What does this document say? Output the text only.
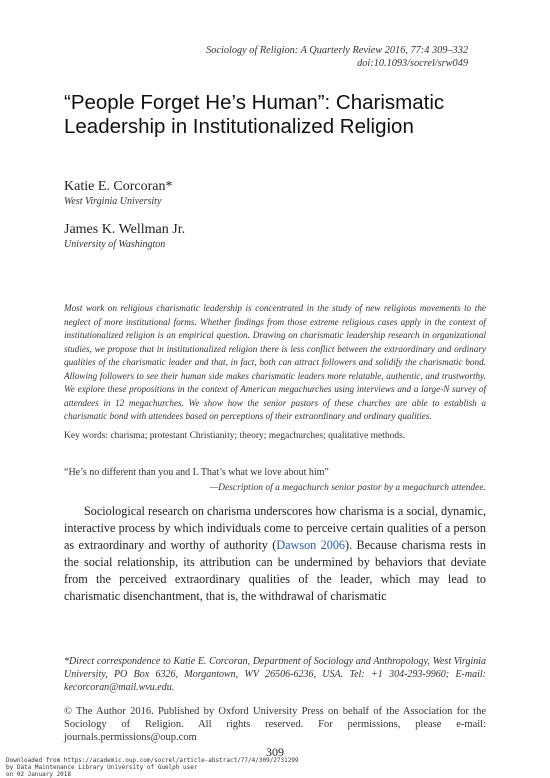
Sociology of Religion: A Quarterly Review 2016, 77:4 309–332
doi:10.1093/socrel/srw049
“People Forget He’s Human”: Charismatic
Leadership in Institutionalized Religion
Katie E. Corcoran*
West Virginia University
James K. Wellman Jr.
University of Washington
Most work on religious charismatic leadership is concentrated in the study of new religious movements to the neglect of more institutional forms. Whether findings from those extreme religious cases apply in the context of institutionalized religion is an empirical question. Drawing on charismatic leadership research in organizational studies, we propose that in institutionalized religion there is less conflict between the extraordinary and ordinary qualities of the charismatic leader and that, in fact, both can attract followers and solidify the charismatic bond. Allowing followers to see their human side makes charismatic leaders more relatable, authentic, and trustworthy. We explore these propositions in the context of American megachurches using interviews and a large-N survey of attendees in 12 megachurches. We show how the senior pastors of these churches are able to establish a charismatic bond with attendees based on perceptions of their extraordinary and ordinary qualities.
Key words: charisma; protestant Christianity; theory; megachurches; qualitative methods.
“He’s no different than you and I. That’s what we love about him”
—Description of a megachurch senior pastor by a megachurch attendee.
Sociological research on charisma underscores how charisma is a social, dynamic, interactive process by which individuals come to perceive certain qualities of a person as extraordinary and worthy of authority (Dawson 2006). Because charisma rests in the social relationship, its attribution can be undermined by behaviors that deviate from the perceived extraordinary qualities of the leader, which may lead to charismatic disenchantment, that is, the withdrawal of charismatic
*Direct correspondence to Katie E. Corcoran, Department of Sociology and Anthropology, West Virginia University, PO Box 6326, Morgantown, WV 26506-6236, USA. Tel: +1 304-293-9960; E-mail: kecorcoran@mail.wvu.edu.
© The Author 2016. Published by Oxford University Press on behalf of the Association for the Sociology of Religion. All rights reserved. For permissions, please e-mail: journals.permissions@oup.com
309
Downloaded from https://academic.oup.com/socrel/article-abstract/77/4/309/2731299
by Data Maintenance Library University of Guelph user
on 02 January 2018
